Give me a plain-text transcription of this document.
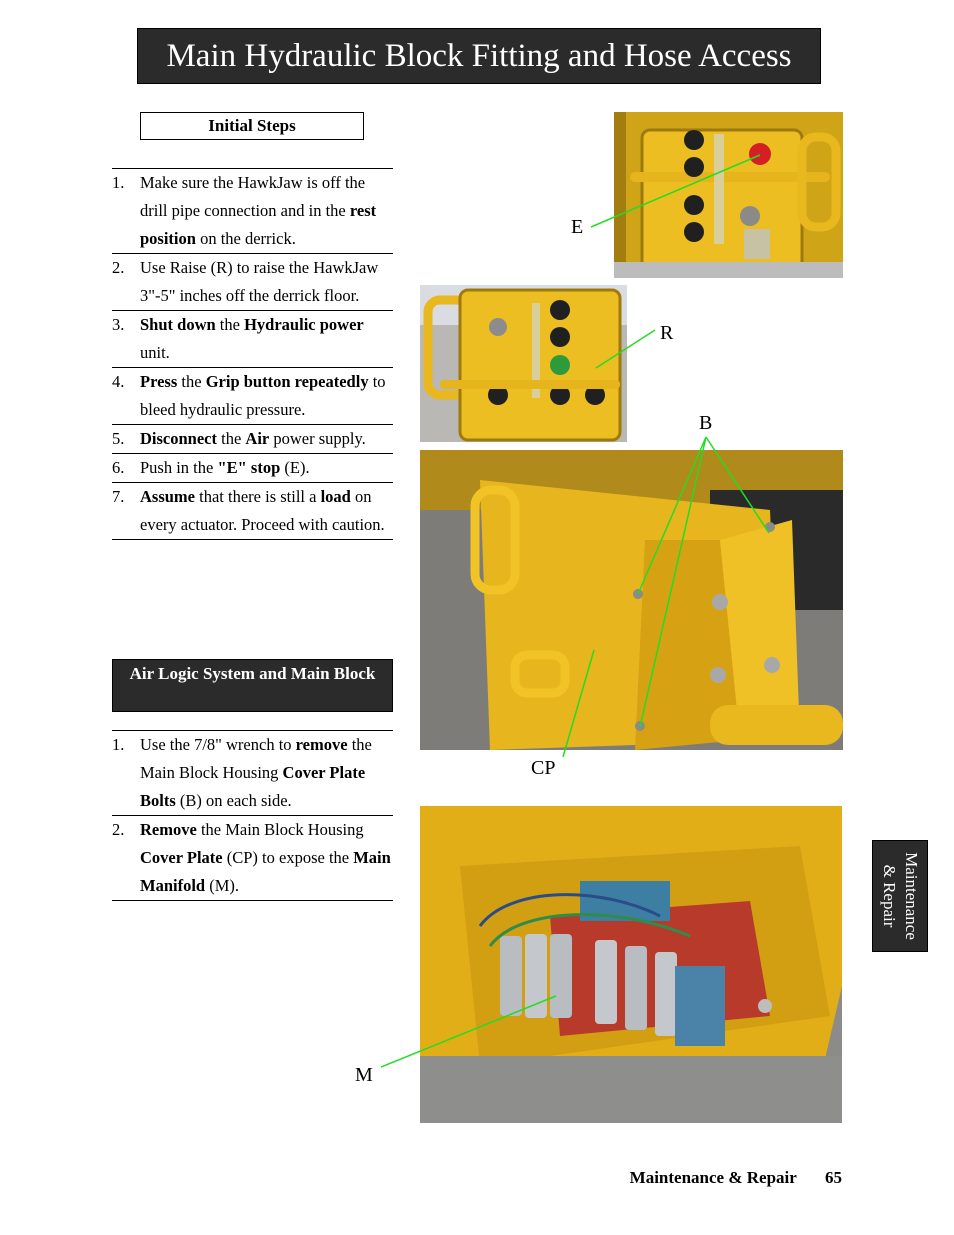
Main Hydraulic Block Fitting and Hose Access
Initial Steps
1. Make sure the HawkJaw is off the drill pipe connection and in the rest position on the derrick.
2. Use Raise (R) to raise the HawkJaw 3"-5" inches off the derrick floor.
3. Shut down the Hydraulic power unit.
4. Press the Grip button repeatedly to bleed hydraulic pressure.
5. Disconnect the Air power supply.
6. Push in the "E" stop (E).
7. Assume that there is still a load on every actuator. Proceed with caution.
Air Logic System and Main Block
1. Use the 7/8" wrench to remove the Main Block Housing Cover Plate Bolts (B) on each side.
2. Remove the Main Block Housing Cover Plate (CP) to expose the Main Manifold (M).
E
R
B
CP
M
Maintenance
& Repair
Maintenance & Repair 65
